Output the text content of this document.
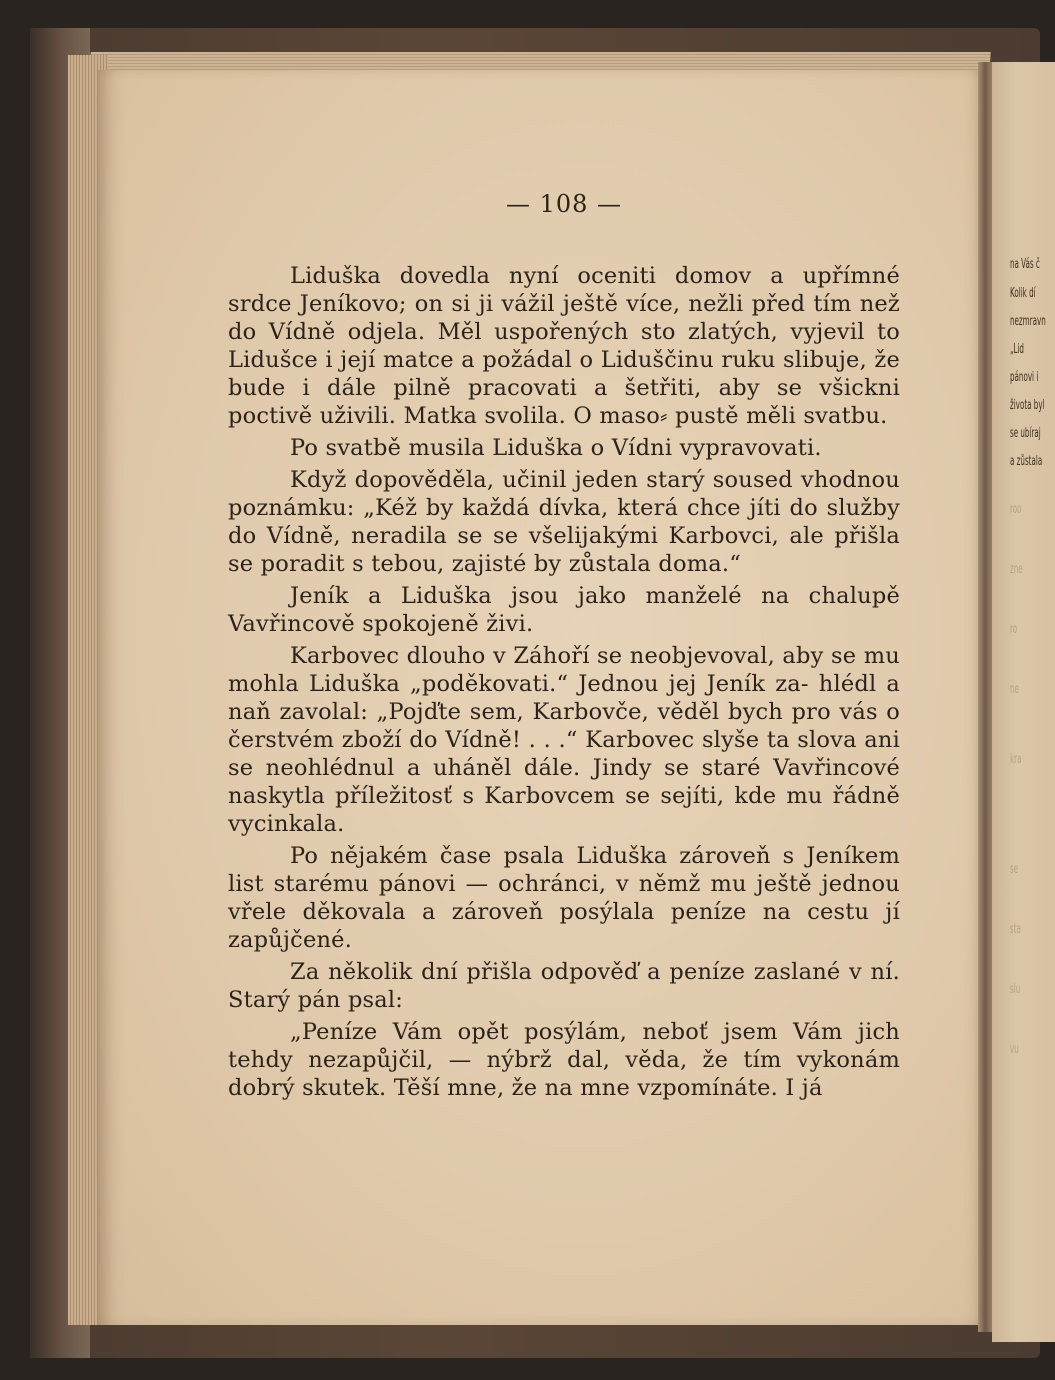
na Vás č
Kolik dí
nezmravn
„Lid
pánovi i
života byl
se ubíraj
a zůstala
roo
zne
ro
ne
kra
se
sta
slu
vu
— 108 —

Liduška dovedla nyní oceniti domov a upřímné srdce Jeníkovo; on si ji vážil ještě více, nežli před tím než do Vídně odjela. Měl uspořených sto zlatých, vyjevil to Lidušce i její matce a požádal o Liduščinu ruku slibuje, že bude i dále pilně pracovati a šetřiti, aby se všickni poctivě uživili. Matka svolila. O maso⸗ pustě měli svatbu.

Po svatbě musila Liduška o Vídni vypravovati.

Když dopověděla, učinil jeden starý soused vhodnou poznámku: „Kéž by každá dívka, která chce jíti do služby do Vídně, neradila se se všelijakými Karbovci, ale přišla se poradit s tebou, zajisté by zůstala doma.“

Jeník a Liduška jsou jako manželé na chalupě Vavřincově spokojeně živi.

Karbovec dlouho v Záhoří se neobjevoval, aby se mu mohla Liduška „poděkovati.“ Jednou jej Jeník za- hlédl a naň zavolal: „Pojďte sem, Karbovče, věděl bych pro vás o čerstvém zboží do Vídně! . . .“ Karbovec slyše ta slova ani se neohlédnul a uháněl dále. Jindy se staré Vavřincové naskytla příležitosť s Karbovcem se sejíti, kde mu řádně vycinkala.

Po nějakém čase psala Liduška zároveň s Jeníkem list starému pánovi — ochránci, v němž mu ještě jednou vřele děkovala a zároveň posýlala peníze na cestu jí zapůjčené.

Za několik dní přišla odpověď a peníze zaslané v ní. Starý pán psal:

„Peníze Vám opět posýlám, neboť jsem Vám jich tehdy nezapůjčil, — nýbrž dal, věda, že tím vykonám dobrý skutek. Těší mne, že na mne vzpomínáte. I já
